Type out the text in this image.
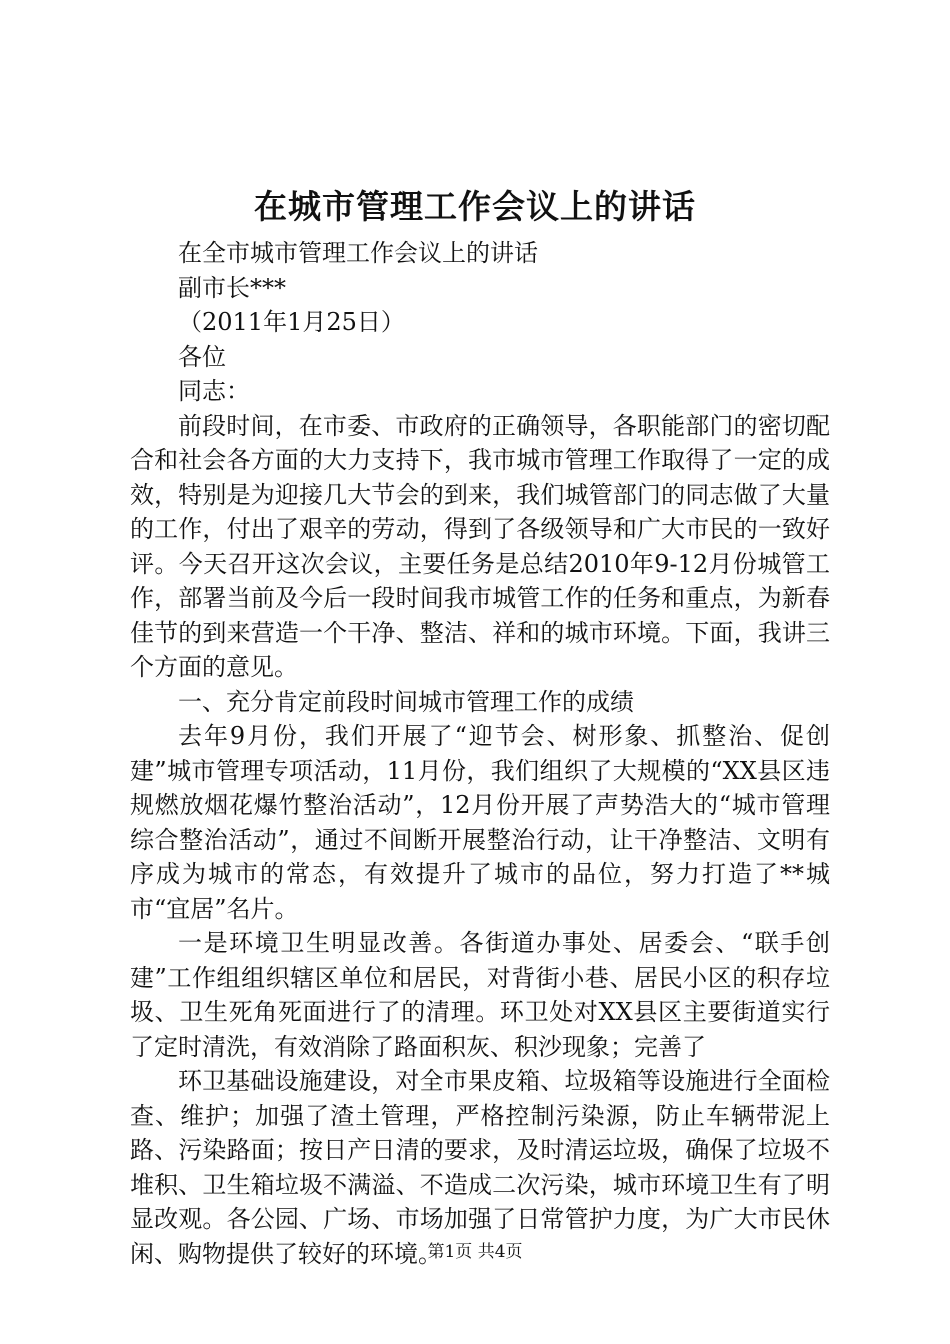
在城市管理工作会议上的讲话

在全市城市管理工作会议上的讲话

副市长***

（2011年1月25日）

各位

同志：

前段时间，在市委、市政府的正确领导，各职能部门的密切配合和社会各方面的大力支持下，我市城市管理工作取得了一定的成效，特别是为迎接几大节会的到来，我们城管部门的同志做了大量的工作，付出了艰辛的劳动，得到了各级领导和广大市民的一致好评。今天召开这次会议，主要任务是总结2010年9-12月份城管工作，部署当前及今后一段时间我市城管工作的任务和重点，为新春佳节的到来营造一个干净、整洁、祥和的城市环境。下面，我讲三个方面的意见。

一、充分肯定前段时间城市管理工作的成绩

去年9月份，我们开展了“迎节会、树形象、抓整治、促创建”城市管理专项活动，11月份，我们组织了大规模的“XX县区违规燃放烟花爆竹整治活动”，12月份开展了声势浩大的“城市管理综合整治活动”，通过不间断开展整治行动，让干净整洁、文明有序成为城市的常态，有效提升了城市的品位，努力打造了**城市“宜居”名片。

一是环境卫生明显改善。各街道办事处、居委会、“联手创建”工作组组织辖区单位和居民，对背街小巷、居民小区的积存垃圾、卫生死角死面进行了的清理。环卫处对XX县区主要街道实行了定时清洗，有效消除了路面积灰、积沙现象；完善了

环卫基础设施建设，对全市果皮箱、垃圾箱等设施进行全面检查、维护；加强了渣土管理，严格控制污染源，防止车辆带泥上路、污染路面；按日产日清的要求，及时清运垃圾，确保了垃圾不堆积、卫生箱垃圾不满溢、不造成二次污染，城市环境卫生有了明显改观。各公园、广场、市场加强了日常管护力度，为广大市民休闲、购物提供了较好的环境。

第1页 共4页
